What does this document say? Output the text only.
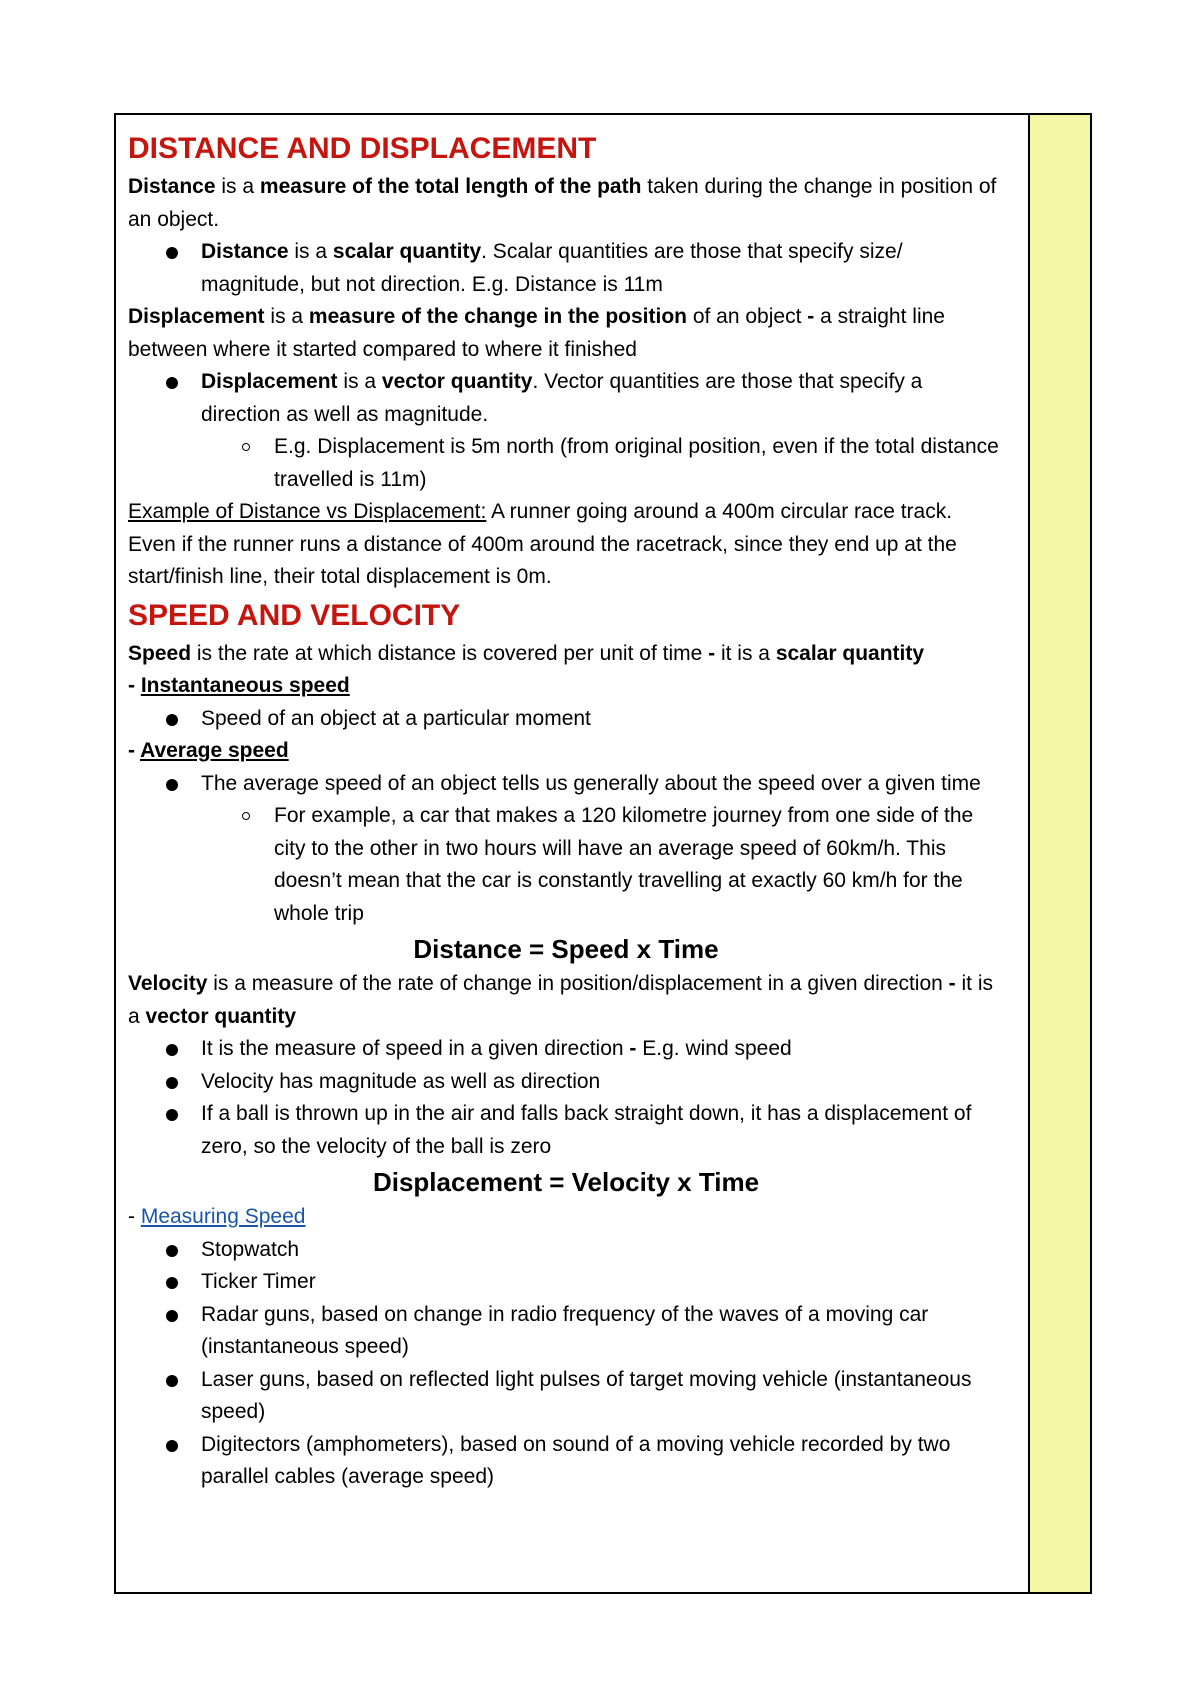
DISTANCE AND DISPLACEMENT

Distance is a measure of the total length of the path taken during the change in position of an object.

Distance is a scalar quantity. Scalar quantities are those that specify size/ magnitude, but not direction. E.g. Distance is 11m

Displacement is a measure of the change in the position of an object - a straight line between where it started compared to where it finished

Displacement is a vector quantity. Vector quantities are those that specify a direction as well as magnitude.
E.g. Displacement is 5m north (from original position, even if the total distance travelled is 11m)

Example of Distance vs Displacement: A runner going around a 400m circular race track. Even if the runner runs a distance of 400m around the racetrack, since they end up at the start/finish line, their total displacement is 0m.

SPEED AND VELOCITY

Speed is the rate at which distance is covered per unit of time - it is a scalar quantity

- Instantaneous speed

Speed of an object at a particular moment

- Average speed

The average speed of an object tells us generally about the speed over a given time
For example, a car that makes a 120 kilometre journey from one side of the city to the other in two hours will have an average speed of 60km/h. This doesn’t mean that the car is constantly travelling at exactly 60 km/h for the whole trip

Distance = Speed x Time

Velocity is a measure of the rate of change in position/displacement in a given direction - it is a vector quantity

It is the measure of speed in a given direction - E.g. wind speed
Velocity has magnitude as well as direction
If a ball is thrown up in the air and falls back straight down, it has a displacement of zero, so the velocity of the ball is zero

Displacement = Velocity x Time

- Measuring Speed

Stopwatch
Ticker Timer
Radar guns, based on change in radio frequency of the waves of a moving car (instantaneous speed)
Laser guns, based on reflected light pulses of target moving vehicle (instantaneous speed)
Digitectors (amphometers), based on sound of a moving vehicle recorded by two parallel cables (average speed)
